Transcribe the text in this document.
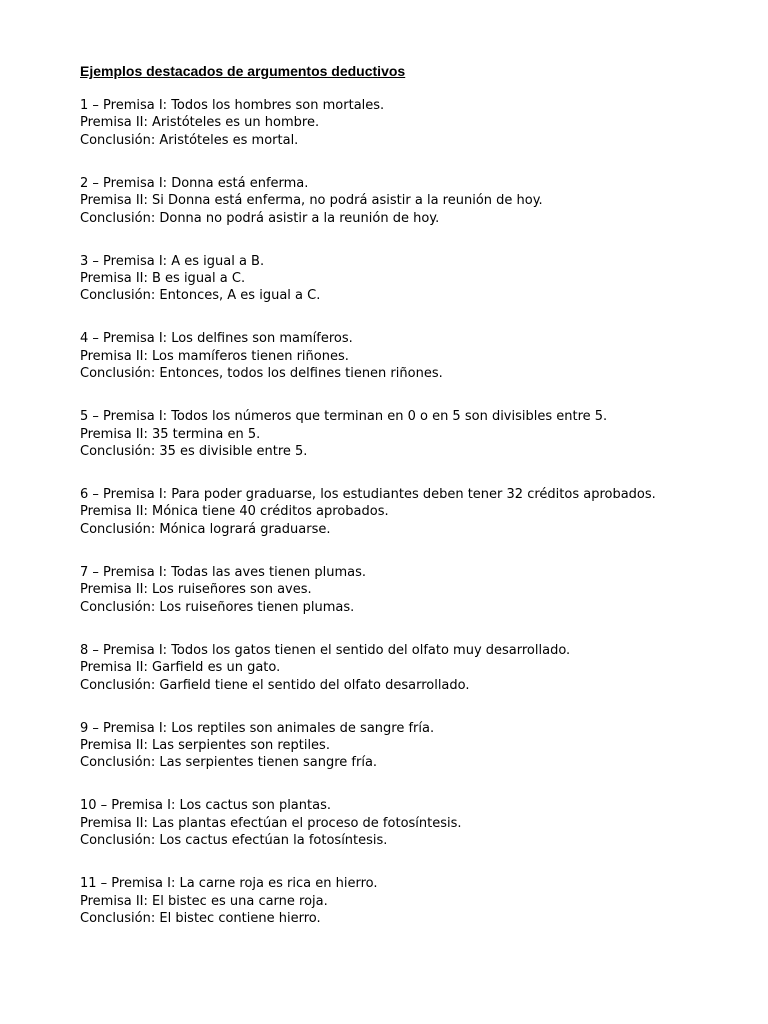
Ejemplos destacados de argumentos deductivos
1 – Premisa I: Todos los hombres son mortales.
Premisa II: Aristóteles es un hombre.
Conclusión: Aristóteles es mortal.
2 – Premisa I: Donna está enferma.
Premisa II: Si Donna está enferma, no podrá asistir a la reunión de hoy.
Conclusión: Donna no podrá asistir a la reunión de hoy.
3 – Premisa I: A es igual a B.
Premisa II: B es igual a C.
Conclusión: Entonces, A es igual a C.
4 – Premisa I: Los delfines son mamíferos.
Premisa II: Los mamíferos tienen riñones.
Conclusión: Entonces, todos los delfines tienen riñones.
5 – Premisa I: Todos los números que terminan en 0 o en 5 son divisibles entre 5.
Premisa II: 35 termina en 5.
Conclusión: 35 es divisible entre 5.
6 – Premisa I: Para poder graduarse, los estudiantes deben tener 32 créditos aprobados.
Premisa II: Mónica tiene 40 créditos aprobados.
Conclusión: Mónica logrará graduarse.
7 – Premisa I: Todas las aves tienen plumas.
Premisa II: Los ruiseñores son aves.
Conclusión: Los ruiseñores tienen plumas.
8 – Premisa I: Todos los gatos tienen el sentido del olfato muy desarrollado.
Premisa II: Garfield es un gato.
Conclusión: Garfield tiene el sentido del olfato desarrollado.
9 – Premisa I: Los reptiles son animales de sangre fría.
Premisa II: Las serpientes son reptiles.
Conclusión: Las serpientes tienen sangre fría.
10 – Premisa I: Los cactus son plantas.
Premisa II: Las plantas efectúan el proceso de fotosíntesis.
Conclusión: Los cactus efectúan la fotosíntesis.
11 – Premisa I: La carne roja es rica en hierro.
Premisa II: El bistec es una carne roja.
Conclusión: El bistec contiene hierro.
